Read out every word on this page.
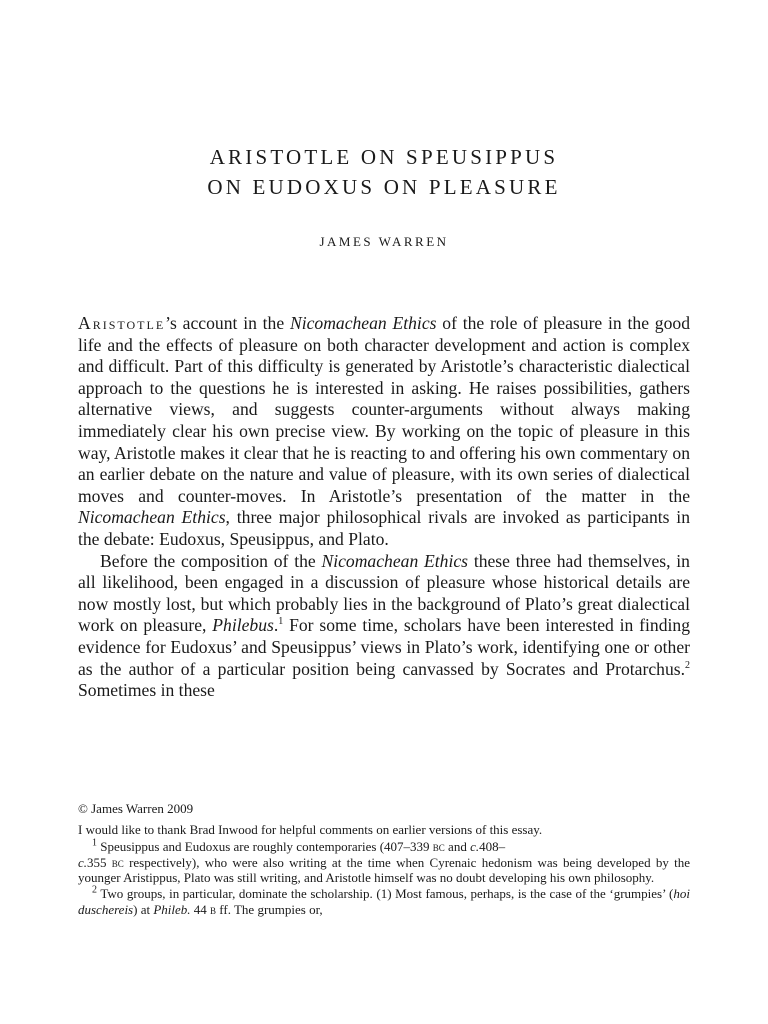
ARISTOTLE ON SPEUSIPPUS
ON EUDOXUS ON PLEASURE
JAMES WARREN

Aristotle’s account in the Nicomachean Ethics of the role of pleasure in the good life and the effects of pleasure on both character development and action is complex and difficult. Part of this difficulty is generated by Aristotle’s characteristic dialectical approach to the questions he is interested in asking. He raises possibilities, gathers alternative views, and suggests counter-arguments without always making immediately clear his own precise view. By working on the topic of pleasure in this way, Aristotle makes it clear that he is reacting to and offering his own commentary on an earlier debate on the nature and value of pleasure, with its own series of dialectical moves and counter-moves. In Aristotle’s presentation of the matter in the Nicomachean Ethics, three major philosophical rivals are invoked as participants in the debate: Eudoxus, Speusippus, and Plato.

Before the composition of the Nicomachean Ethics these three had themselves, in all likelihood, been engaged in a discussion of pleasure whose historical details are now mostly lost, but which probably lies in the background of Plato’s great dialectical work on pleasure, Philebus.$^1$ For some time, scholars have been interested in finding evidence for Eudoxus’ and Speusippus’ views in Plato’s work, identifying one or other as the author of a particular position being canvassed by Socrates and Protarchus.$^2$ Sometimes in these

© James Warren 2009

I would like to thank Brad Inwood for helpful comments on earlier versions of this essay.

$^1$ Speusippus and Eudoxus are roughly contemporaries (407–339 bc and c.408–
c.355 bc respectively), who were also writing at the time when Cyrenaic hedonism was being developed by the younger Aristippus, Plato was still writing, and Aristotle himself was no doubt developing his own philosophy.

$^2$ Two groups, in particular, dominate the scholarship. (1) Most famous, perhaps, is the case of the ‘grumpies’ (hoi duschereis) at Phileb. 44 b ff. The grumpies or,
